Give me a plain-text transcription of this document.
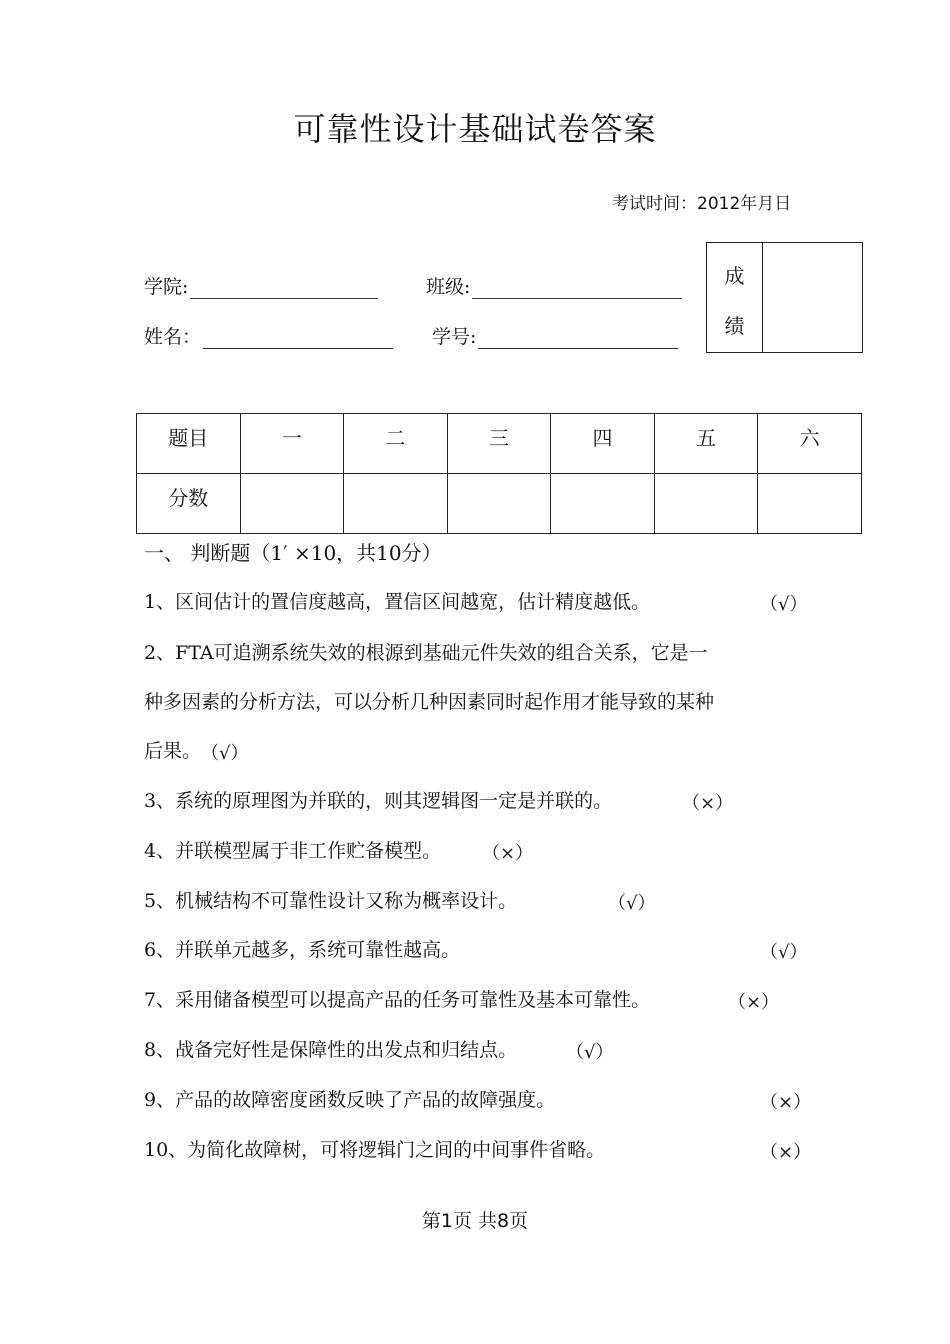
可靠性设计基础试卷答案
考试时间：2012年月日
学院:	班级:
姓名：	学号:
成
绩
题目	一	二	三	四	五	六
分数						
一、 判断题（1′ ×10，共10分）
1、区间估计的置信度越高，置信区间越宽，估计精度越低。	（√）
2、FTA可追溯系统失效的根源到基础元件失效的组合关系，它是一
种多因素的分析方法，可以分析几种因素同时起作用才能导致的某种
后果。 （√）
3、系统的原理图为并联的，则其逻辑图一定是并联的。	（×）
4、并联模型属于非工作贮备模型。 （×）
5、机械结构不可靠性设计又称为概率设计。	（√）
6、并联单元越多，系统可靠性越高。	（√）
7、采用储备模型可以提高产品的任务可靠性及基本可靠性。	（×）
8、战备完好性是保障性的出发点和归结点。	（√）
9、产品的故障密度函数反映了产品的故障强度。	（×）
10、为简化故障树，可将逻辑门之间的中间事件省略。	（×）
第1页 共8页
